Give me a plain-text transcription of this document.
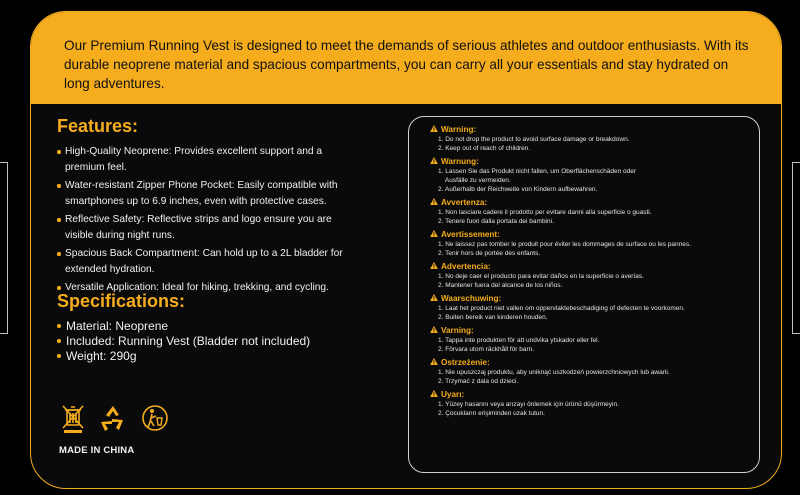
Our Premium Running Vest is designed to meet the demands of serious athletes and outdoor enthusiasts. With its durable neoprene material and spacious compartments, you can carry all your essentials and stay hydrated on long adventures.

Features:
High-Quality Neoprene: Provides excellent support and a premium feel.
Water-resistant Zipper Phone Pocket: Easily compatible with smartphones up to 6.9 inches, even with protective cases.
Reflective Safety: Reflective strips and logo ensure you are visible during night runs.
Spacious Back Compartment: Can hold up to a 2L bladder for extended hydration.
Versatile Application: Ideal for hiking, trekking, and cycling.
Specifications:
Material: Neoprene
Included: Running Vest (Bladder not included)
Weight: 290g

MADE IN CHINA

Warning:
1. Do not drop the product to avoid surface damage or breakdown.
2. Keep out of reach of children.
Warnung:
1. Lassen Sie das Produkt nicht fallen, um Oberflächenschäden oder
Ausfälle zu vermeiden.
2. Außerhalb der Reichweite von Kindern aufbewahren.
Avvertenza:
1. Non lasciare cadere il prodotto per evitare danni alla superficie o guasti.
2. Tenere fuori dalla portata dei bambini.
Avertissement:
1. Ne laissez pas tomber le produit pour éviter les dommages de surface ou les pannes.
2. Tenir hors de portée des enfants.
Advertencia:
1. No deje caer el producto para evitar daños en la superficie o averías.
2. Mantener fuera del alcance de los niños.
Waarschuwing:
1. Laat het product niet vallen om oppervlaktebeschadiging of defecten te voorkomen.
2. Buiten bereik van kinderen houden.
Varning:
1. Tappa inte produkten för att undvika ytskador eller fel.
2. Förvara utom räckhåll för barn.
Ostrzeżenie:
1. Nie upuszczaj produktu, aby uniknąć uszkodzeń powierzchniowych lub awarii.
2. Trzymać z dala od dzieci.
Uyarı:
1. Yüzey hasarını veya arızayı önlemek için ürünü düşürmeyin.
2. Çocukların erişiminden uzak tutun.
